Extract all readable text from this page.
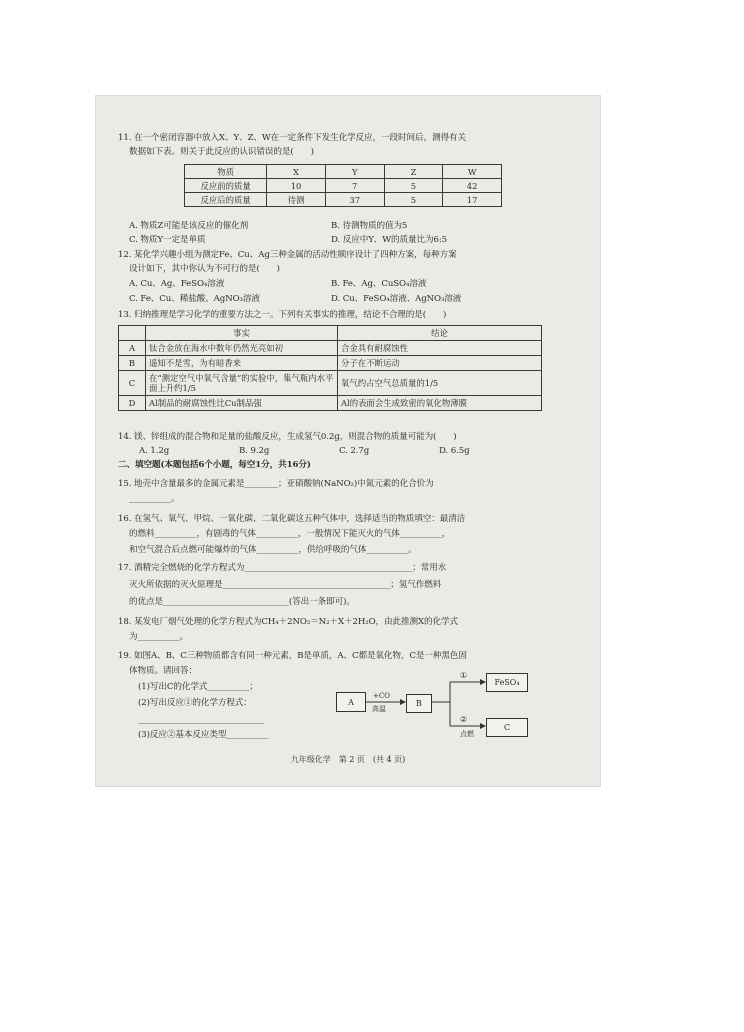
11. 在一个密闭容器中放入X、Y、Z、W在一定条件下发生化学反应，一段时间后，测得有关
数据如下表。则关于此反应的认识错误的是(　　)
物质	X	Y	Z	W
反应前的质量	10	7	5	42
反应后的质量	待测	37	5	17
A. 物质Z可能是该反应的催化剂	B. 待测物质的值为5
C. 物质Y一定是单质	D. 反应中Y、W的质量比为6:5
12. 某化学兴趣小组为测定Fe、Cu、Ag三种金属的活动性顺序设计了四种方案，每种方案
设计如下，其中你认为不可行的是(　　)
A. Cu、Ag、FeSO₄溶液	B. Fe、Ag、CuSO₄溶液
C. Fe、Cu、稀盐酸、AgNO₃溶液	D. Cu、FeSO₄溶液、AgNO₃溶液
13. 归纳推理是学习化学的重要方法之一。下列有关事实的推理，结论不合理的是(　　)
	事实	结论
A	钛合金放在海水中数年仍然光亮如初	合金具有耐腐蚀性
B	遥知不是雪，为有暗香来	分子在不断运动
C	在“测定空气中氧气含量”的实验中，集气瓶内水平面上升约1/5	氧气约占空气总质量的1/5
D	Al制品的耐腐蚀性比Cu制品强	Al的表面会生成致密的氧化物薄膜
14. 镁、锌组成的混合物和足量的盐酸反应，生成氢气0.2g，则混合物的质量可能为(　　)
A. 1.2g	B. 9.2g	C. 2.7g	D. 6.5g
二、填空题(本题包括6个小题，每空1分，共16分)
15. 地壳中含量最多的金属元素是________；亚硝酸钠(NaNO₂)中氮元素的化合价为
__________。
16. 在氢气、氧气、甲烷、一氧化碳、二氧化碳这五种气体中，选择适当的物质填空：最清洁
的燃料__________，有剧毒的气体__________，一般情况下能灭火的气体__________，
和空气混合后点燃可能爆炸的气体__________，供给呼吸的气体__________。
17. 酒精完全燃烧的化学方程式为________________________________________；常用水
灭火所依据的灭火原理是________________________________________；氢气作燃料
的优点是______________________________(答出一条即可)。
18. 某发电厂烟气处理的化学方程式为CH₄＋2NO₂＝N₂＋X＋2H₂O，由此推测X的化学式
为__________。
19. 如图A、B、C三种物质都含有同一种元素，B是单质，A、C都是氧化物，C是一种黑色固
体物质。请回答：
(1)写出C的化学式__________；
(2)写出反应①的化学方程式：
______________________________
(3)反应②基本反应类型__________
A	B
FeSO₄
C
+CO
高温
①
②
点燃
九年级化学　第 2 页　(共 4 页)
